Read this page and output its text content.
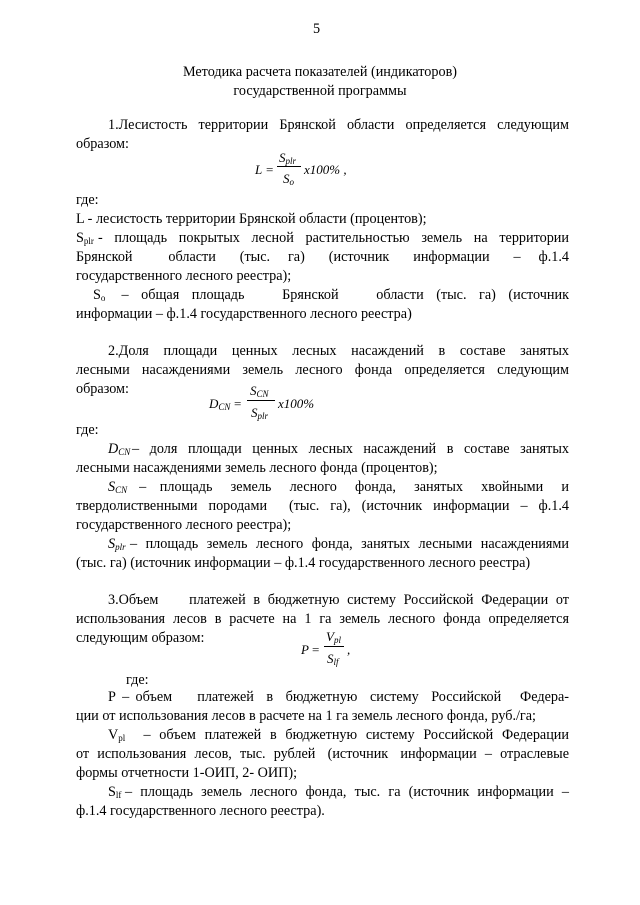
5
Методика расчета показателей (индикаторов)
государственной программы
1.Лесистость территории Брянской области определяется следующим
образом:
L =
$S_{plr}$
$S_o$
x100% ,
где:
L - лесистость территории Брянской области (процентов);
$S_{plr}$ - площадь покрытых лесной растительностью земель на территории
Брянской      области    (тыс.   га)    (источник    информации    –   ф.1.4
государственного лесного реестра);
$S_o$ –  общая  площадь      Брянской      области  (тыс.  га)  (источник
информации – ф.1.4 государственного лесного реестра)
2.Доля  площади  ценных  лесных  насаждений  в  составе  занятых
лесными  насаждениями  земель  лесного  фонда  определяется  следующим
образом:
$D_{CN}$ =
$S_{CN}$
$S_{plr}$
x100%
где:
$D_{CN}$ – доля площади ценных лесных насаждений в составе занятых
лесными насаждениями земель лесного фонда (процентов);
$S_{CN}$ –   площадь    земель    лесного    фонда,    занятых    хвойными    и
твердолиственными  породами    (тыс.  га),  (источник  информации  –  ф.1.4
государственного лесного реестра);
$S_{plr}$ – площадь земель лесного фонда, занятых лесными насаждениями
(тыс. га) (источник информации – ф.1.4 государственного лесного реестра)
3.Объем    платежей в бюджетную систему Российской Федерации от
использования лесов в расчете на 1 га земель лесного фонда определяется
следующим образом:
P =
$V_{pl}$
$S_{lf}$
,
где:
Р – объем    платежей  в  бюджетную  систему  Российской   Федера-
ции от использования лесов в расчете на 1 га земель лесного фонда, руб./га;
$V_{pl}$ – объем платежей в бюджетную систему Российской Федерации
от  использования  лесов,  тыс.  рублей   (источник   информации  –  отраслевые
формы отчетности 1-ОИП, 2- ОИП);
$S_{lf}$ – площадь земель лесного фонда, тыс. га (источник информации –
ф.1.4 государственного лесного реестра).
